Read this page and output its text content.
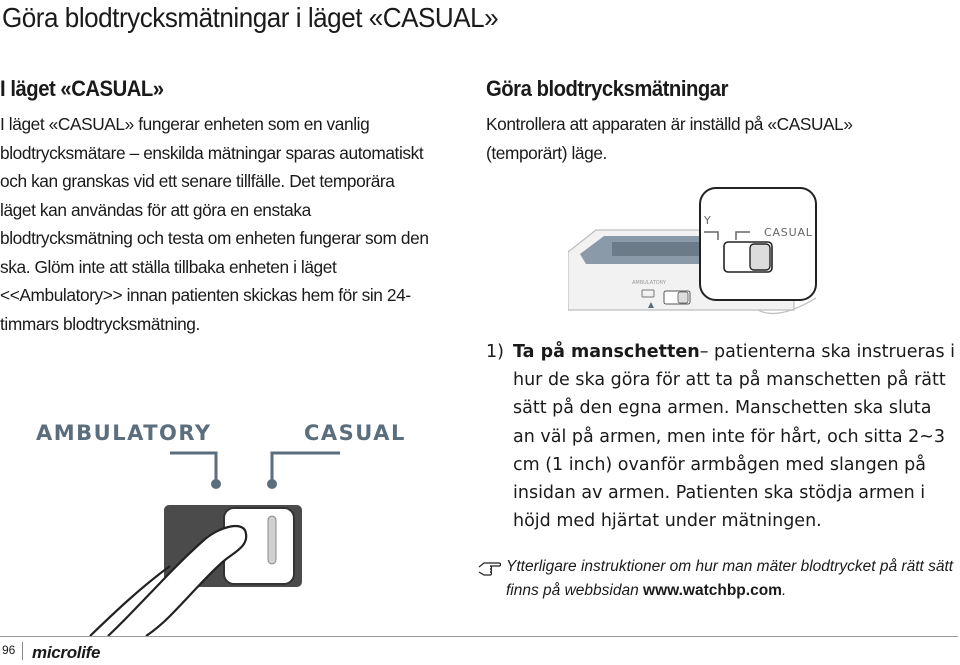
Göra blodtrycksmätningar i läget «CASUAL»
I läget «CASUAL»
I läget «CASUAL» fungerar enheten som en vanlig blodtrycksmätare – enskilda mätningar sparas automatiskt och kan granskas vid ett senare tillfälle. Det temporära läget kan användas för att göra en enstaka blodtrycksmätning och testa om enheten fungerar som den ska. Glöm inte att ställa tillbaka enheten i läget <<Ambulatory>> innan patienten skickas hem för sin 24-timmars blodtrycksmätning.
AMBULATORY	CASUAL
Göra blodtrycksmätningar
Kontrollera att apparaten är inställd på «CASUAL» (temporärt) läge.
AMBULATORY
Y
CASUAL
1) Ta på manschetten– patienterna ska instrueras i hur de ska göra för att ta på manschetten på rätt sätt på den egna armen. Manschetten ska sluta an väl på armen, men inte för hårt, och sitta 2~3 cm (1 inch) ovanför armbågen med slangen på insidan av armen. Patienten ska stödja armen i höjd med hjärtat under mätningen.
Ytterligare instruktioner om hur man mäter blodtrycket på rätt sätt finns på webbsidan www.watchbp.com.
96 microlife
